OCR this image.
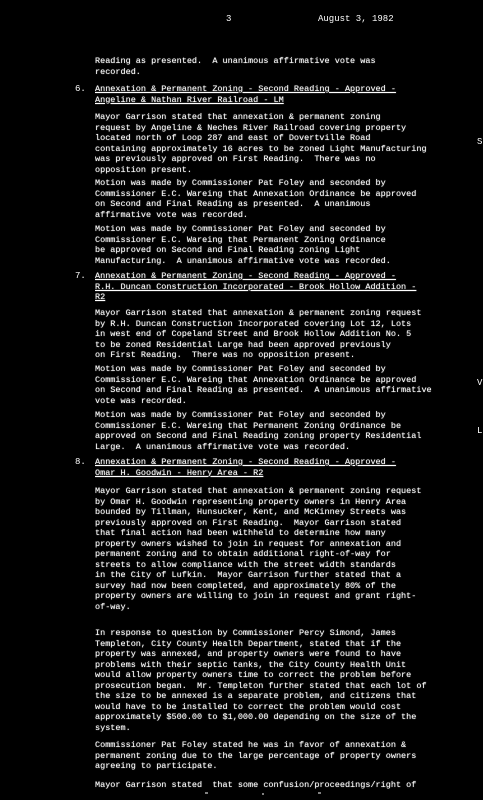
3	August 3, 1982
Reading as presented.  A unanimous affirmative vote was
recorded.
6. Annexation & Permanent Zoning - Second Reading - Approved -
Angeline & Nathan River Railroad - LM
Mayor Garrison stated that annexation & permanent zoning
request by Angeline & Neches River Railroad covering property
located north of Loop 287 and east of Dovertville Road
containing approximately 16 acres to be zoned Light Manufacturing
was previously approved on First Reading.  There was no
opposition present.
Motion was made by Commissioner Pat Foley and seconded by
Commissioner E.C. Wareing that Annexation Ordinance be approved
on Second and Final Reading as presented.  A unanimous
affirmative vote was recorded.
Motion was made by Commissioner Pat Foley and seconded by
Commissioner E.C. Wareing that Permanent Zoning Ordinance
be approved on Second and Final Reading zoning Light
Manufacturing.  A unanimous affirmative vote was recorded.
7. Annexation & Permanent Zoning - Second Reading - Approved -
R.H. Duncan Construction Incorporated - Brook Hollow Addition -
R2
Mayor Garrison stated that annexation & permanent zoning request
by R.H. Duncan Construction Incorporated covering Lot 12, Lots
in west end of Copeland Street and Brook Hollow Addition No. 5
to be zoned Residential Large had been approved previously
on First Reading.  There was no opposition present.
Motion was made by Commissioner Pat Foley and seconded by
Commissioner E.C. Wareing that Annexation Ordinance be approved
on Second and Final Reading as presented.  A unanimous affirmative
vote was recorded.
Motion was made by Commissioner Pat Foley and seconded by
Commissioner E.C. Wareing that Permanent Zoning Ordinance be
approved on Second and Final Reading zoning property Residential
Large.  A unanimous affirmative vote was recorded.
8. Annexation & Permanent Zoning - Second Reading - Approved -
Omar H. Goodwin - Henry Area - R2
Mayor Garrison stated that annexation & permanent zoning request
by Omar H. Goodwin representing property owners in Henry Area
bounded by Tillman, Hunsucker, Kent, and McKinney Streets was
previously approved on First Reading.  Mayor Garrison stated
that final action had been withheld to determine how many
property owners wished to join in request for annexation and
permanent zoning and to obtain additional right-of-way for
streets to allow compliance with the street width standards
in the City of Lufkin.  Mayor Garrison further stated that a
survey had now been completed, and approximately 80% of the
property owners are willing to join in request and grant right-
of-way.
In response to question by Commissioner Percy Simond, James
Templeton, City County Health Department, stated that if the
property was annexed, and property owners were found to have
problems with their septic tanks, the City County Health Unit
would allow property owners time to correct the problem before
prosecution began.  Mr. Templeton further stated that each lot of
the size to be annexed is a separate problem, and citizens that
would have to be installed to correct the problem would cost
approximately $500.00 to $1,000.00 depending on the size of the
system.
Commissioner Pat Foley stated he was in favor of annexation &
permanent zoning due to the large percentage of property owners
agreeing to participate.
Mayor Garrison stated  that some confusion/proceedings/right of
S
V
L
